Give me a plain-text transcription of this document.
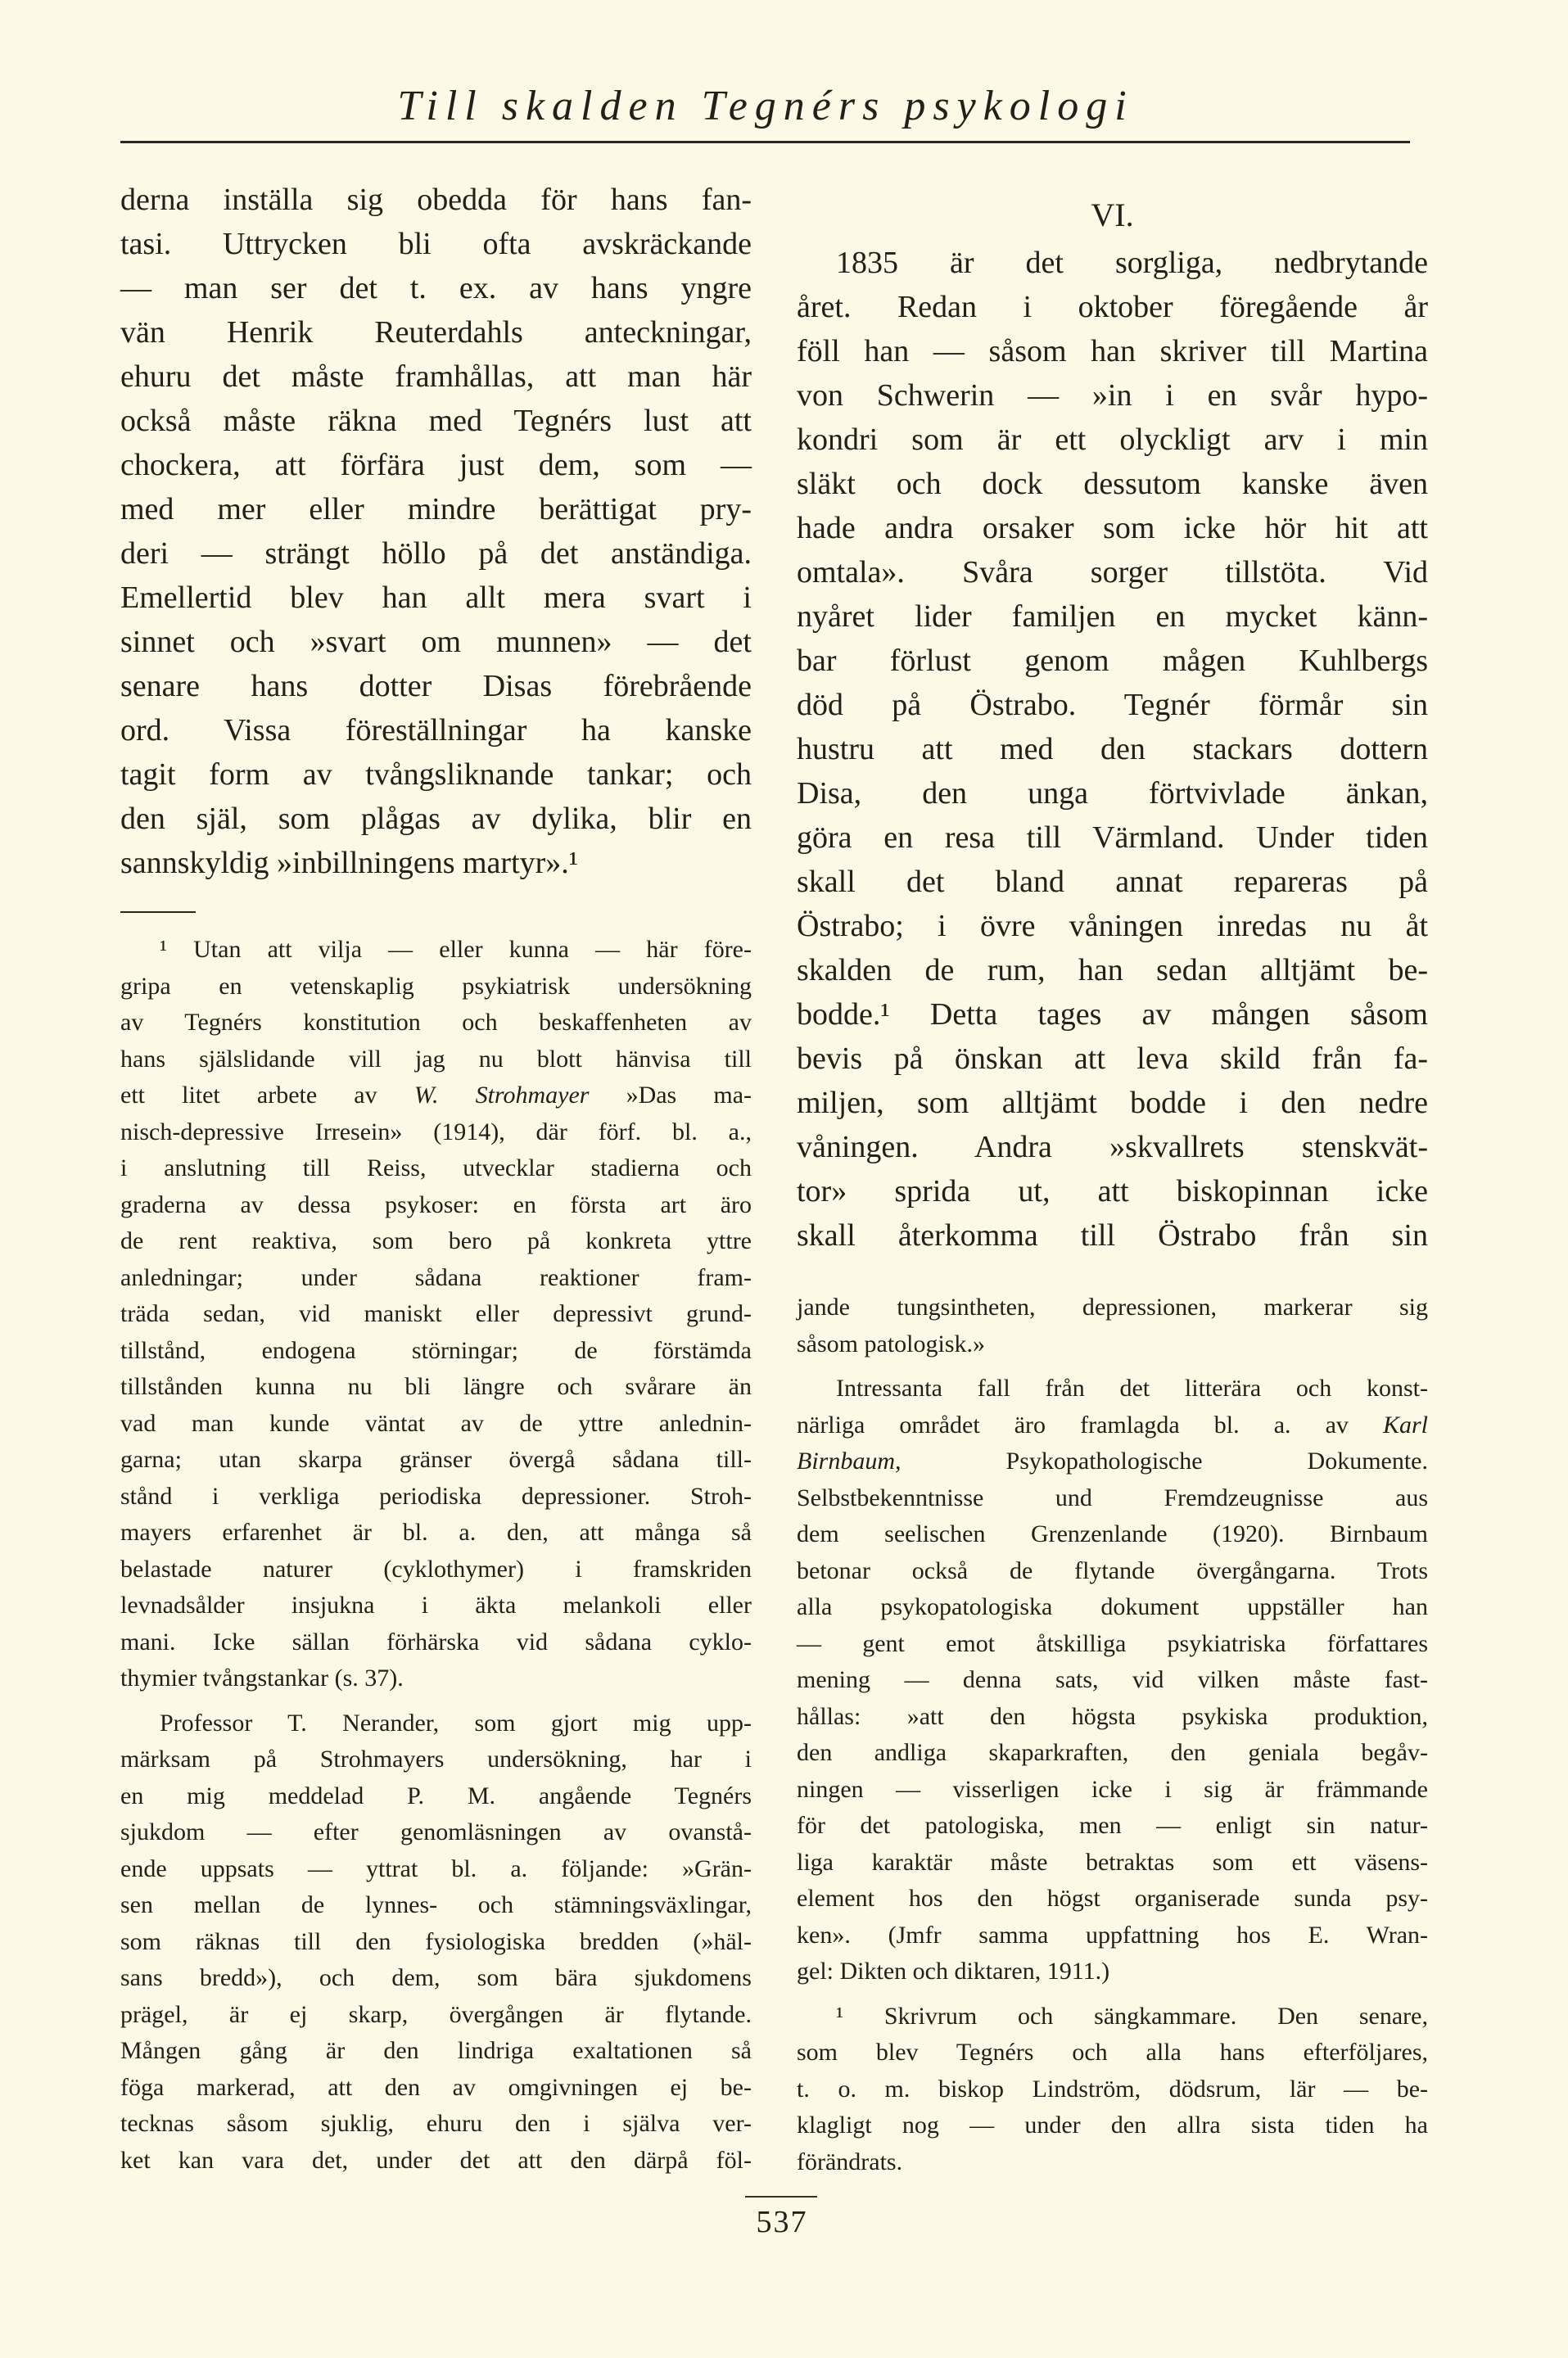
Till skalden Tegnérs psykologi
derna inställa sig obedda för hans fan-
tasi. Uttrycken bli ofta avskräckande
— man ser det t. ex. av hans yngre
vän Henrik Reuterdahls anteckningar,
ehuru det måste framhållas, att man här
också måste räkna med Tegnérs lust att
chockera, att förfära just dem, som —
med mer eller mindre berättigat pry-
deri — strängt höllo på det anständiga.
Emellertid blev han allt mera svart i
sinnet och »svart om munnen» — det
senare hans dotter Disas förebrående
ord. Vissa föreställningar ha kanske
tagit form av tvångsliknande tankar; och
den själ, som plågas av dylika, blir en
sannskyldig »inbillningens martyr».¹
¹ Utan att vilja — eller kunna — här före-
gripa en vetenskaplig psykiatrisk undersökning
av Tegnérs konstitution och beskaffenheten av
hans själslidande vill jag nu blott hänvisa till
ett litet arbete av W. Strohmayer »Das ma-
nisch-depressive Irresein» (1914), där förf. bl. a.,
i anslutning till Reiss, utvecklar stadierna och
graderna av dessa psykoser: en första art äro
de rent reaktiva, som bero på konkreta yttre
anledningar; under sådana reaktioner fram-
träda sedan, vid maniskt eller depressivt grund-
tillstånd, endogena störningar; de förstämda
tillstånden kunna nu bli längre och svårare än
vad man kunde väntat av de yttre anlednin-
garna; utan skarpa gränser övergå sådana till-
stånd i verkliga periodiska depressioner. Stroh-
mayers erfarenhet är bl. a. den, att många så
belastade naturer (cyklothymer) i framskriden
levnadsålder insjukna i äkta melankoli eller
mani. Icke sällan förhärska vid sådana cyklo-
thymier tvångstankar (s. 37).
Professor T. Nerander, som gjort mig upp-
märksam på Strohmayers undersökning, har i
en mig meddelad P. M. angående Tegnérs
sjukdom — efter genomläsningen av ovanstå-
ende uppsats — yttrat bl. a. följande: »Grän-
sen mellan de lynnes- och stämningsväxlingar,
som räknas till den fysiologiska bredden (»häl-
sans bredd»), och dem, som bära sjukdomens
prägel, är ej skarp, övergången är flytande.
Mången gång är den lindriga exaltationen så
föga markerad, att den av omgivningen ej be-
tecknas såsom sjuklig, ehuru den i själva ver-
ket kan vara det, under det att den därpå föl-
VI.
1835 är det sorgliga, nedbrytande
året. Redan i oktober föregående år
föll han — såsom han skriver till Martina
von Schwerin — »in i en svår hypo-
kondri som är ett olyckligt arv i min
släkt och dock dessutom kanske även
hade andra orsaker som icke hör hit att
omtala». Svåra sorger tillstöta. Vid
nyåret lider familjen en mycket känn-
bar förlust genom mågen Kuhlbergs
död på Östrabo. Tegnér förmår sin
hustru att med den stackars dottern
Disa, den unga förtvivlade änkan,
göra en resa till Värmland. Under tiden
skall det bland annat repareras på
Östrabo; i övre våningen inredas nu åt
skalden de rum, han sedan alltjämt be-
bodde.¹ Detta tages av mången såsom
bevis på önskan att leva skild från fa-
miljen, som alltjämt bodde i den nedre
våningen. Andra »skvallrets stenskvät-
tor» sprida ut, att biskopinnan icke
skall återkomma till Östrabo från sin
jande tungsintheten, depressionen, markerar sig
såsom patologisk.»
Intressanta fall från det litterära och konst-
närliga området äro framlagda bl. a. av Karl
Birnbaum, Psykopathologische Dokumente.
Selbstbekenntnisse und Fremdzeugnisse aus
dem seelischen Grenzenlande (1920). Birnbaum
betonar också de flytande övergångarna. Trots
alla psykopatologiska dokument uppställer han
— gent emot åtskilliga psykiatriska författares
mening — denna sats, vid vilken måste fast-
hållas: »att den högsta psykiska produktion,
den andliga skaparkraften, den geniala begåv-
ningen — visserligen icke i sig är främmande
för det patologiska, men — enligt sin natur-
liga karaktär måste betraktas som ett väsens-
element hos den högst organiserade sunda psy-
ken». (Jmfr samma uppfattning hos E. Wran-
gel: Dikten och diktaren, 1911.)
¹ Skrivrum och sängkammare. Den senare,
som blev Tegnérs och alla hans efterföljares,
t. o. m. biskop Lindström, dödsrum, lär — be-
klagligt nog — under den allra sista tiden ha
förändrats.
537
